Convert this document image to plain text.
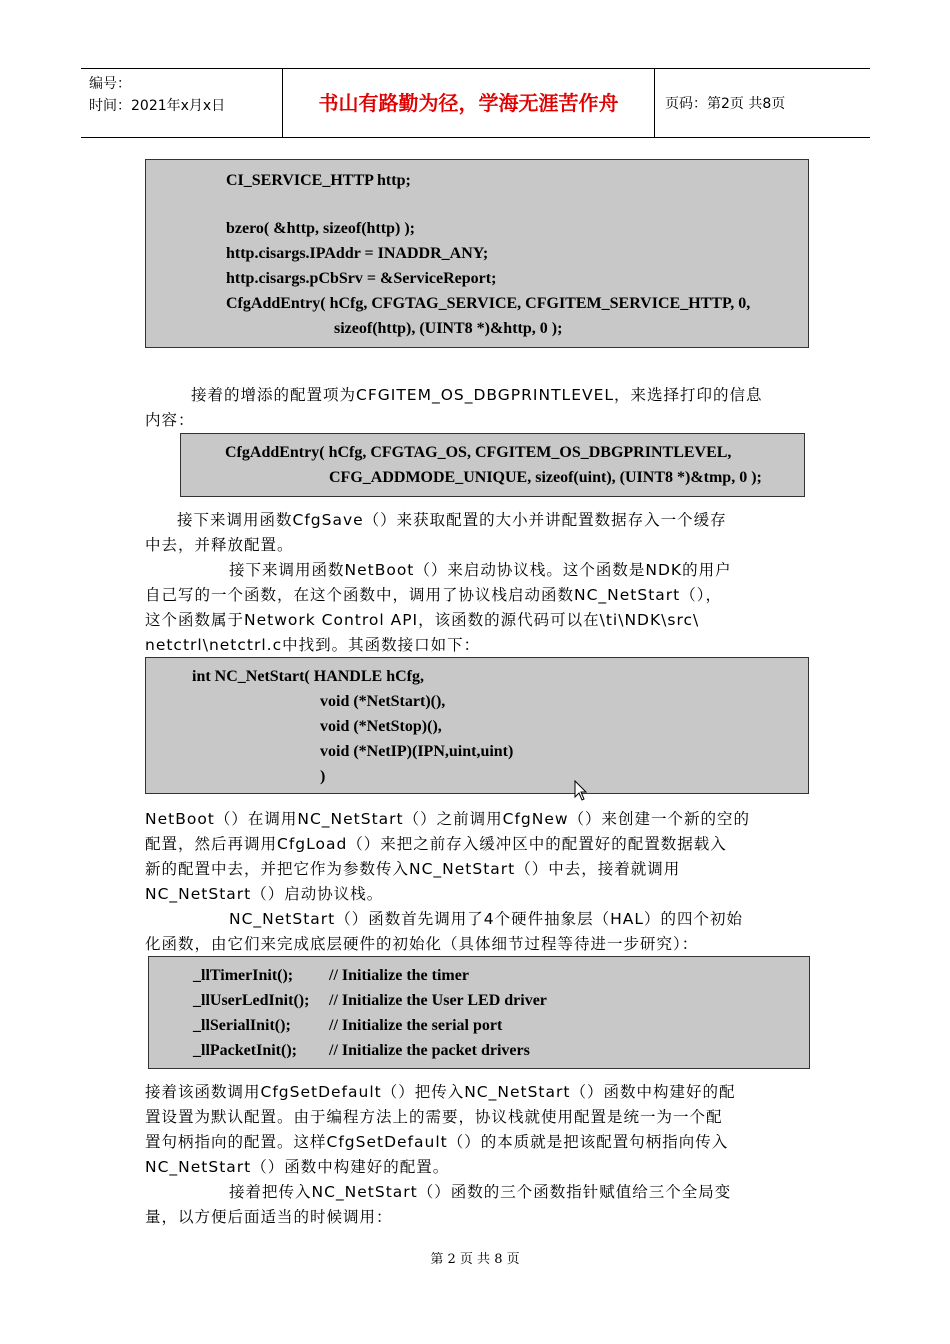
编号：
时间：2021年x月x日	书山有路勤为径，学海无涯苦作舟	页码：第2页 共8页
CI_SERVICE_HTTP http;
bzero( &http, sizeof(http) );
http.cisargs.IPAddr = INADDR_ANY;
http.cisargs.pCbSrv = &ServiceReport;
CfgAddEntry( hCfg, CFGTAG_SERVICE, CFGITEM_SERVICE_HTTP, 0,
sizeof(http), (UINT8 *)&http, 0 );
接着的增添的配置项为CFGITEM_OS_DBGPRINTLEVEL，来选择打印的信息
内容：
CfgAddEntry( hCfg, CFGTAG_OS, CFGITEM_OS_DBGPRINTLEVEL,
CFG_ADDMODE_UNIQUE, sizeof(uint), (UINT8 *)&tmp, 0 );
接下来调用函数CfgSave（）来获取配置的大小并讲配置数据存入一个缓存
中去，并释放配置。
接下来调用函数NetBoot（）来启动协议栈。这个函数是NDK的用户
自己写的一个函数，在这个函数中，调用了协议栈启动函数NC_NetStart（），
这个函数属于Network Control API，该函数的源代码可以在\ti\NDK\src\
netctrl\netctrl.c中找到。其函数接口如下：
int NC_NetStart( HANDLE hCfg,
void (*NetStart)(),
void (*NetStop)(),
void (*NetIP)(IPN,uint,uint)
)
NetBoot（）在调用NC_NetStart（）之前调用CfgNew（）来创建一个新的空的
配置，然后再调用CfgLoad（）来把之前存入缓冲区中的配置好的配置数据载入
新的配置中去，并把它作为参数传入NC_NetStart（）中去，接着就调用
NC_NetStart（）启动协议栈。
NC_NetStart（）函数首先调用了4个硬件抽象层（HAL）的四个初始
化函数，由它们来完成底层硬件的初始化（具体细节过程等待进一步研究）：
_llTimerInit(); // Initialize the timer
_llUserLedInit(); // Initialize the User LED driver
_llSerialInit(); // Initialize the serial port
_llPacketInit(); // Initialize the packet drivers
接着该函数调用CfgSetDefault（）把传入NC_NetStart（）函数中构建好的配
置设置为默认配置。由于编程方法上的需要，协议栈就使用配置是统一为一个配
置句柄指向的配置。这样CfgSetDefault（）的本质就是把该配置句柄指向传入
NC_NetStart（）函数中构建好的配置。
接着把传入NC_NetStart（）函数的三个函数指针赋值给三个全局变
量，以方便后面适当的时候调用：
第 2 页 共 8 页
